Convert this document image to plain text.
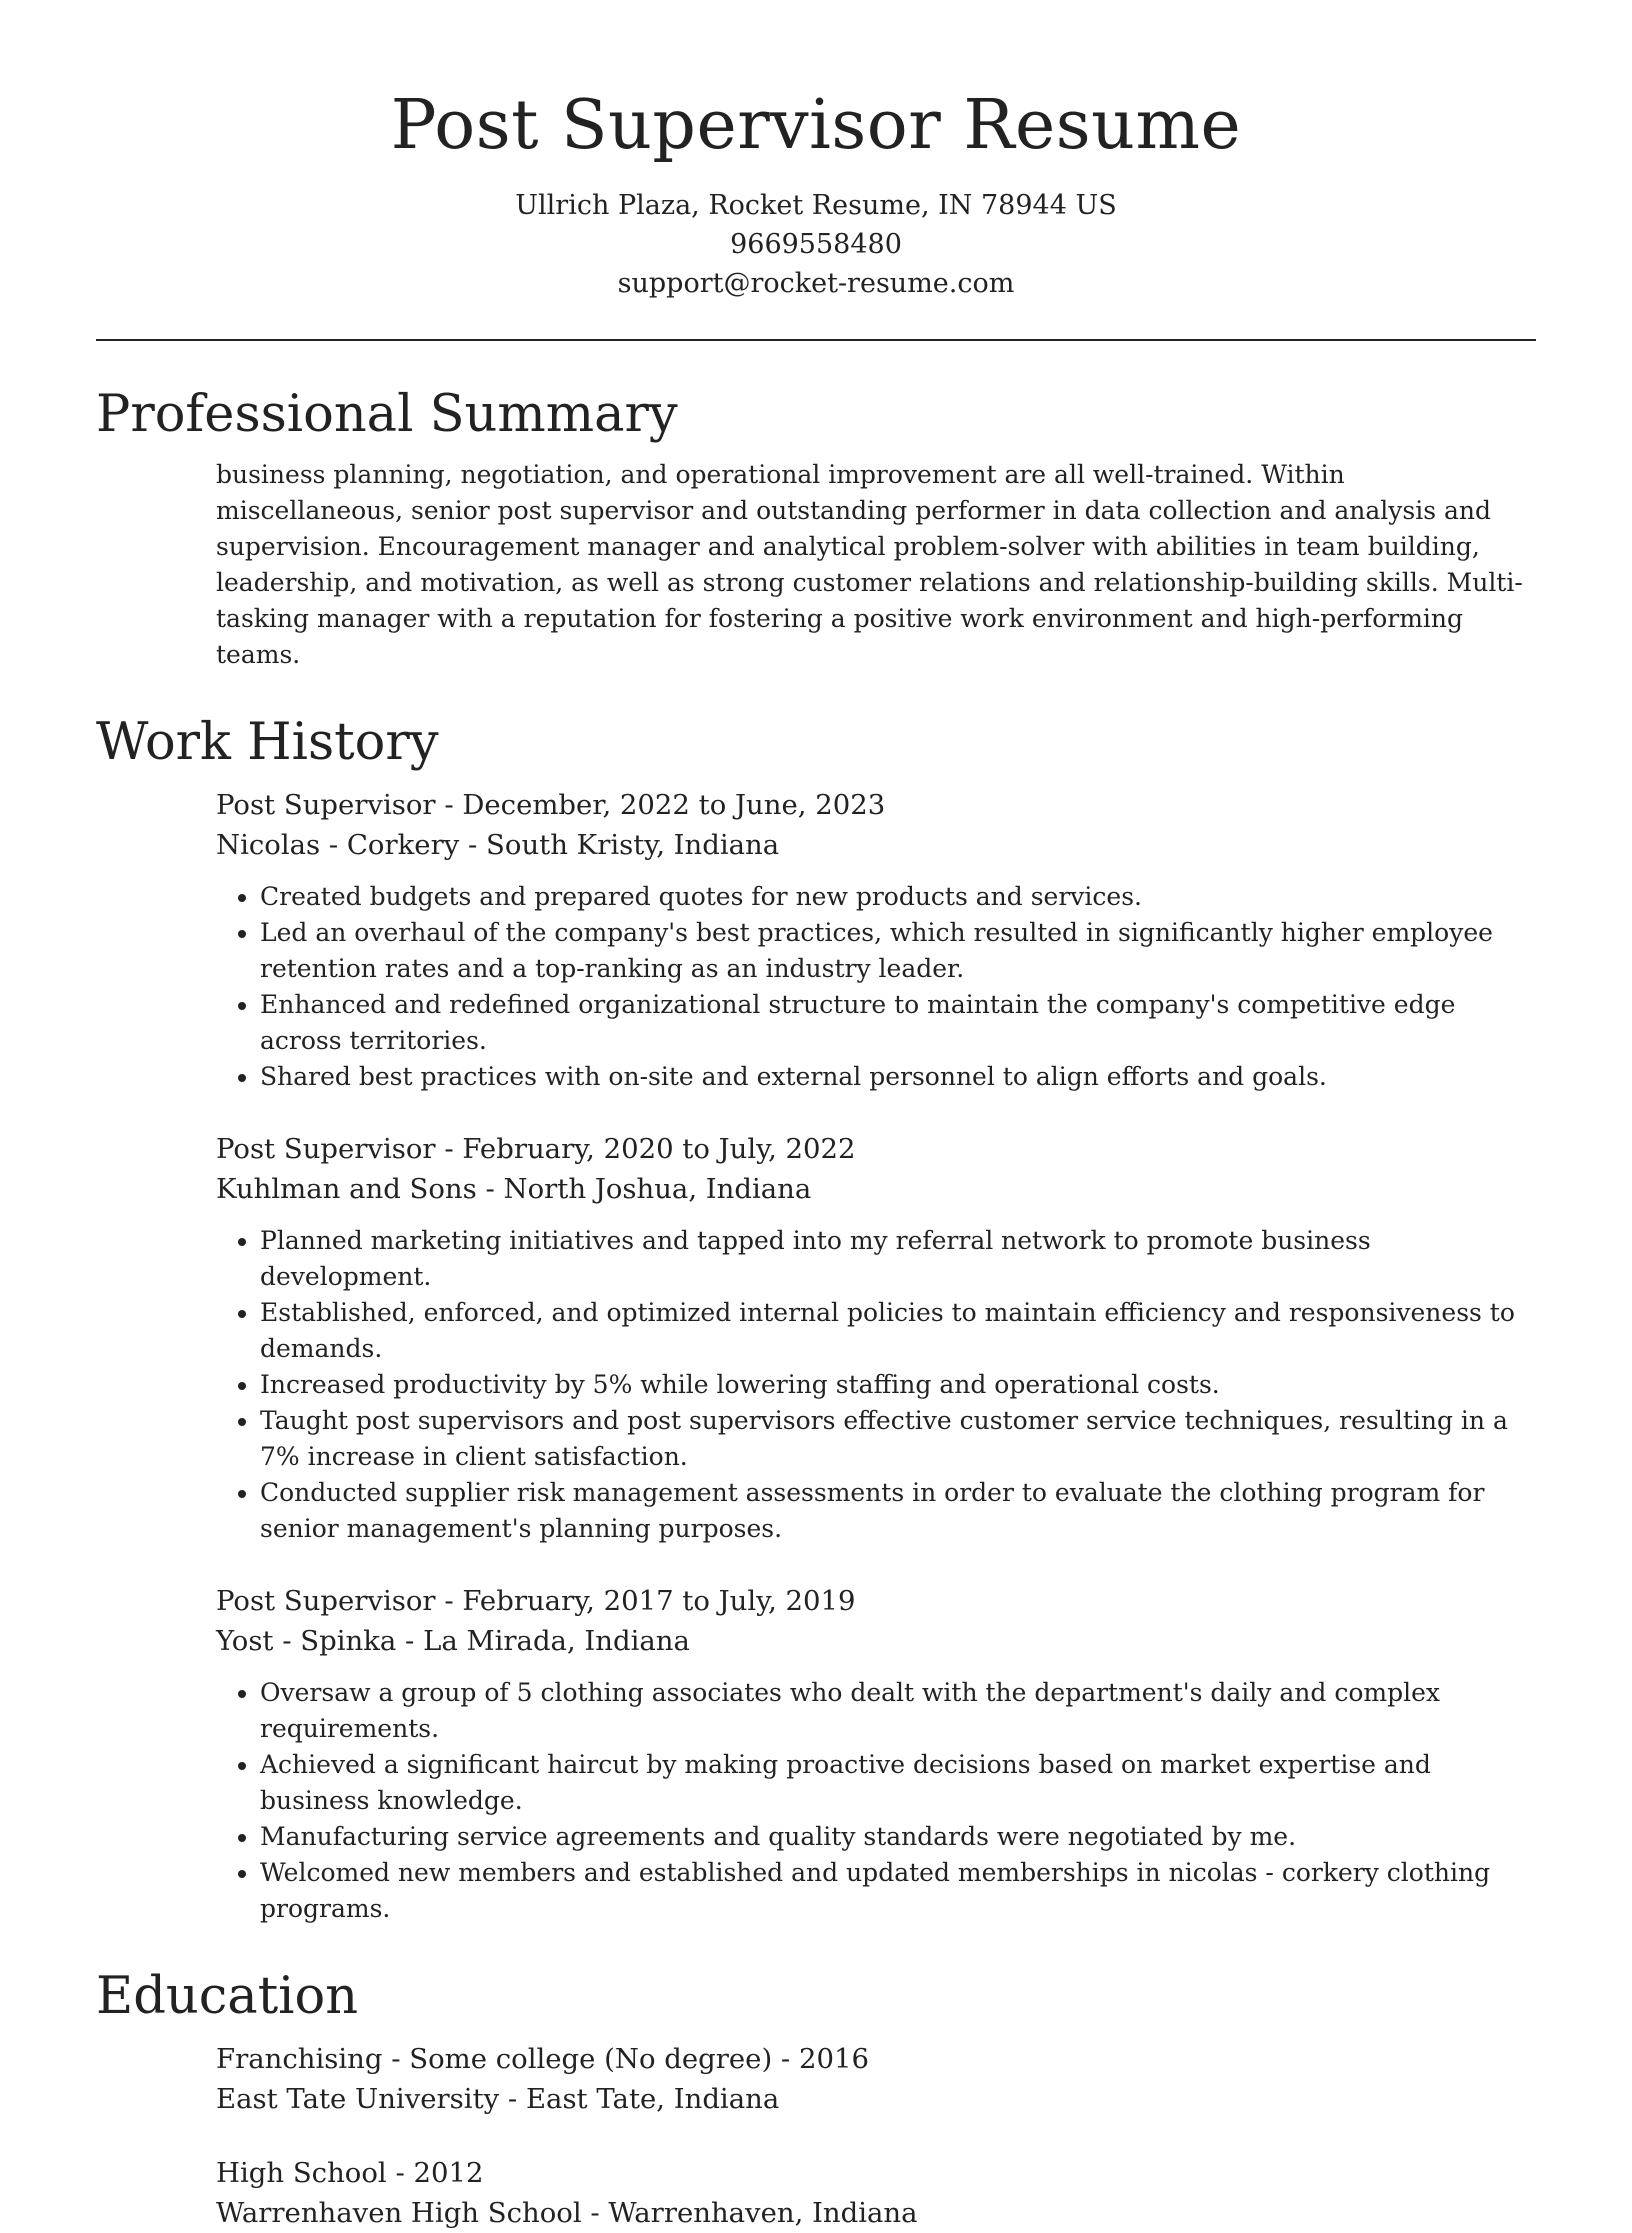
Post Supervisor Resume
Ullrich Plaza, Rocket Resume, IN 78944 US
9669558480
support@rocket-resume.com
Professional Summary

business planning, negotiation, and operational improvement are all well-trained. Within miscellaneous, senior post supervisor and outstanding performer in data collection and analysis and supervision. Encouragement manager and analytical problem-solver with abilities in team building, leadership, and motivation, as well as strong customer relations and relationship-building skills. Multi-tasking manager with a reputation for fostering a positive work environment and high-performing teams.

Work History
Post Supervisor - December, 2022 to June, 2023
Nicolas - Corkery - South Kristy, Indiana
• Created budgets and prepared quotes for new products and services.
• Led an overhaul of the company's best practices, which resulted in significantly higher employee retention rates and a top-ranking as an industry leader.
• Enhanced and redefined organizational structure to maintain the company's competitive edge across territories.
• Shared best practices with on-site and external personnel to align efforts and goals.
Post Supervisor - February, 2020 to July, 2022
Kuhlman and Sons - North Joshua, Indiana
• Planned marketing initiatives and tapped into my referral network to promote business development.
• Established, enforced, and optimized internal policies to maintain efficiency and responsiveness to demands.
• Increased productivity by 5% while lowering staffing and operational costs.
• Taught post supervisors and post supervisors effective customer service techniques, resulting in a 7% increase in client satisfaction.
• Conducted supplier risk management assessments in order to evaluate the clothing program for senior management's planning purposes.
Post Supervisor - February, 2017 to July, 2019
Yost - Spinka - La Mirada, Indiana
• Oversaw a group of 5 clothing associates who dealt with the department's daily and complex requirements.
• Achieved a significant haircut by making proactive decisions based on market expertise and business knowledge.
• Manufacturing service agreements and quality standards were negotiated by me.
• Welcomed new members and established and updated memberships in nicolas - corkery clothing programs.
Education
Franchising - Some college (No degree) - 2016
East Tate University - East Tate, Indiana
High School - 2012
Warrenhaven High School - Warrenhaven, Indiana
